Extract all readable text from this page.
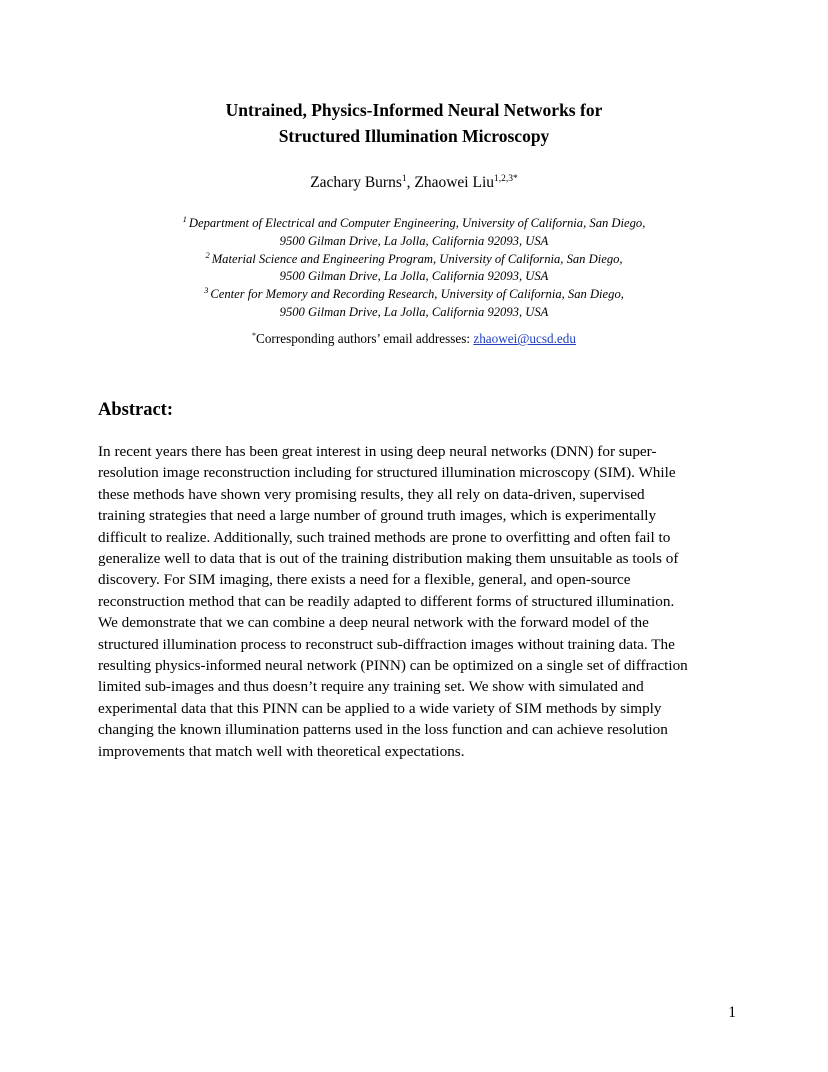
Untrained, Physics-Informed Neural Networks for
Structured Illumination Microscopy
Zachary Burns$^1$, Zhaowei Liu$^{1,2,3*}$
$^1$ Department of Electrical and Computer Engineering, University of California, San Diego,
9500 Gilman Drive, La Jolla, California 92093, USA
$^2$ Material Science and Engineering Program, University of California, San Diego,
9500 Gilman Drive, La Jolla, California 92093, USA
$^3$ Center for Memory and Recording Research, University of California, San Diego,
9500 Gilman Drive, La Jolla, California 92093, USA
*Corresponding authors’ email addresses: zhaowei@ucsd.edu
Abstract:
In recent years there has been great interest in using deep neural networks (DNN) for super-
resolution image reconstruction including for structured illumination microscopy (SIM). While
these methods have shown very promising results, they all rely on data-driven, supervised
training strategies that need a large number of ground truth images, which is experimentally
difficult to realize. Additionally, such trained methods are prone to overfitting and often fail to
generalize well to data that is out of the training distribution making them unsuitable as tools of
discovery. For SIM imaging, there exists a need for a flexible, general, and open-source
reconstruction method that can be readily adapted to different forms of structured illumination.
We demonstrate that we can combine a deep neural network with the forward model of the
structured illumination process to reconstruct sub-diffraction images without training data. The
resulting physics-informed neural network (PINN) can be optimized on a single set of diffraction
limited sub-images and thus doesn’t require any training set. We show with simulated and
experimental data that this PINN can be applied to a wide variety of SIM methods by simply
changing the known illumination patterns used in the loss function and can achieve resolution
improvements that match well with theoretical expectations.
1
